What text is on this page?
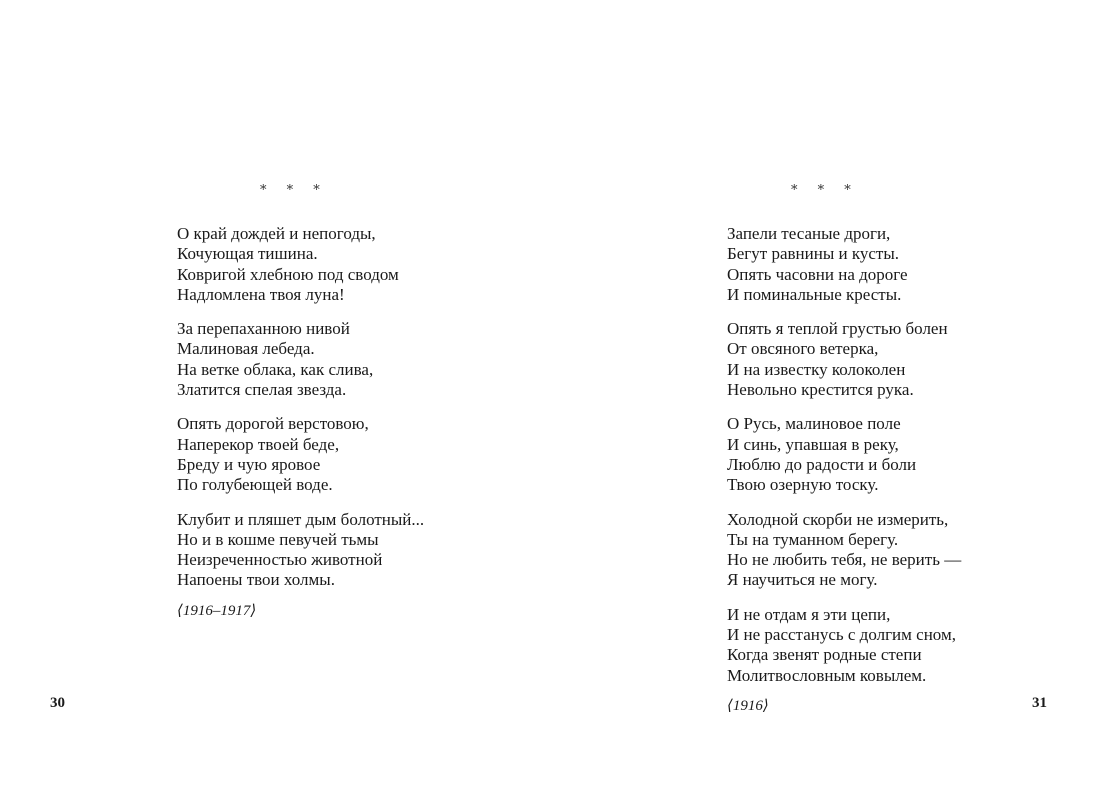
* * *
О край дождей и непогоды,
Кочующая тишина.
Ковригой хлебною под сводом
Надломлена твоя луна!
За перепаханною нивой
Малиновая лебеда.
На ветке облака, как слива,
Златится спелая звезда.
Опять дорогой верстовою,
Наперекор твоей беде,
Бреду и чую яровое
По голубеющей воде.
Клубит и пляшет дым болотный...
Но и в кошме певучей тьмы
Неизреченностью животной
Напоены твои холмы.
⟨1916–1917⟩
30
* * *
Запели тесаные дроги,
Бегут равнины и кусты.
Опять часовни на дороге
И поминальные кресты.
Опять я теплой грустью болен
От овсяного ветерка,
И на известку колоколен
Невольно крестится рука.
О Русь, малиновое поле
И синь, упавшая в реку,
Люблю до радости и боли
Твою озерную тоску.
Холодной скорби не измерить,
Ты на туманном берегу.
Но не любить тебя, не верить —
Я научиться не могу.
И не отдам я эти цепи,
И не расстанусь с долгим сном,
Когда звенят родные степи
Молитвословным ковылем.
⟨1916⟩	31
